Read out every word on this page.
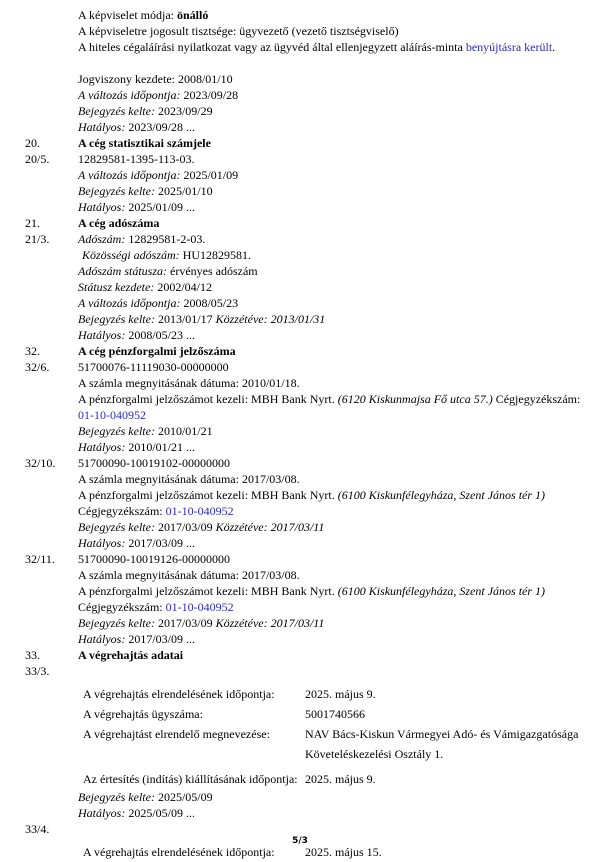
A képviselet módja: önálló
A képviseletre jogosult tisztsége: ügyvezető (vezető tisztségviselő)
A hiteles cégaláírási nyilatkozat vagy az ügyvéd által ellenjegyzett aláírás-minta benyújtásra került.
Jogviszony kezdete: 2008/01/10
A változás időpontja: 2023/09/28
Bejegyzés kelte: 2023/09/29
Hatályos: 2023/09/28 ...
20.	A cég statisztikai számjele
20/5.	12829581-1395-113-03.
A változás időpontja: 2025/01/09
Bejegyzés kelte: 2025/01/10
Hatályos: 2025/01/09 ...
21.	A cég adószáma
21/3.	Adószám: 12829581-2-03.
Közösségi adószám: HU12829581.
Adószám státusza: érvényes adószám
Státusz kezdete: 2002/04/12
A változás időpontja: 2008/05/23
Bejegyzés kelte: 2013/01/17 Közzétéve: 2013/01/31
Hatályos: 2008/05/23 ...
32.	A cég pénzforgalmi jelzőszáma
32/6.	51700076-11119030-00000000
A számla megnyitásának dátuma: 2010/01/18.
A pénzforgalmi jelzőszámot kezeli: MBH Bank Nyrt. (6120 Kiskunmajsa Fő utca 57.) Cégjegyzékszám:
01-10-040952
Bejegyzés kelte: 2010/01/21
Hatályos: 2010/01/21 ...
32/10.	51700090-10019102-00000000
A számla megnyitásának dátuma: 2017/03/08.
A pénzforgalmi jelzőszámot kezeli: MBH Bank Nyrt. (6100 Kiskunfélegyháza, Szent János tér 1)
Cégjegyzékszám: 01-10-040952
Bejegyzés kelte: 2017/03/09 Közzétéve: 2017/03/11
Hatályos: 2017/03/09 ...
32/11.	51700090-10019126-00000000
A számla megnyitásának dátuma: 2017/03/08.
A pénzforgalmi jelzőszámot kezeli: MBH Bank Nyrt. (6100 Kiskunfélegyháza, Szent János tér 1)
Cégjegyzékszám: 01-10-040952
Bejegyzés kelte: 2017/03/09 Közzétéve: 2017/03/11
Hatályos: 2017/03/09 ...
33.	A végrehajtás adatai
33/3.
A végrehajtás elrendelésének időpontja:	2025. május 9.
A végrehajtás ügyszáma:	5001740566
A végrehajtást elrendelő megnevezése:	NAV Bács-Kiskun Vármegyei Adó- és Vámigazgatósága Követeléskezelési Osztály 1.
Az értesítés (indítás) kiállításának időpontja: 2025. május 9.
Bejegyzés kelte: 2025/05/09
Hatályos: 2025/05/09 ...
33/4.
A végrehajtás elrendelésének időpontja:	2025. május 15.
5/3
